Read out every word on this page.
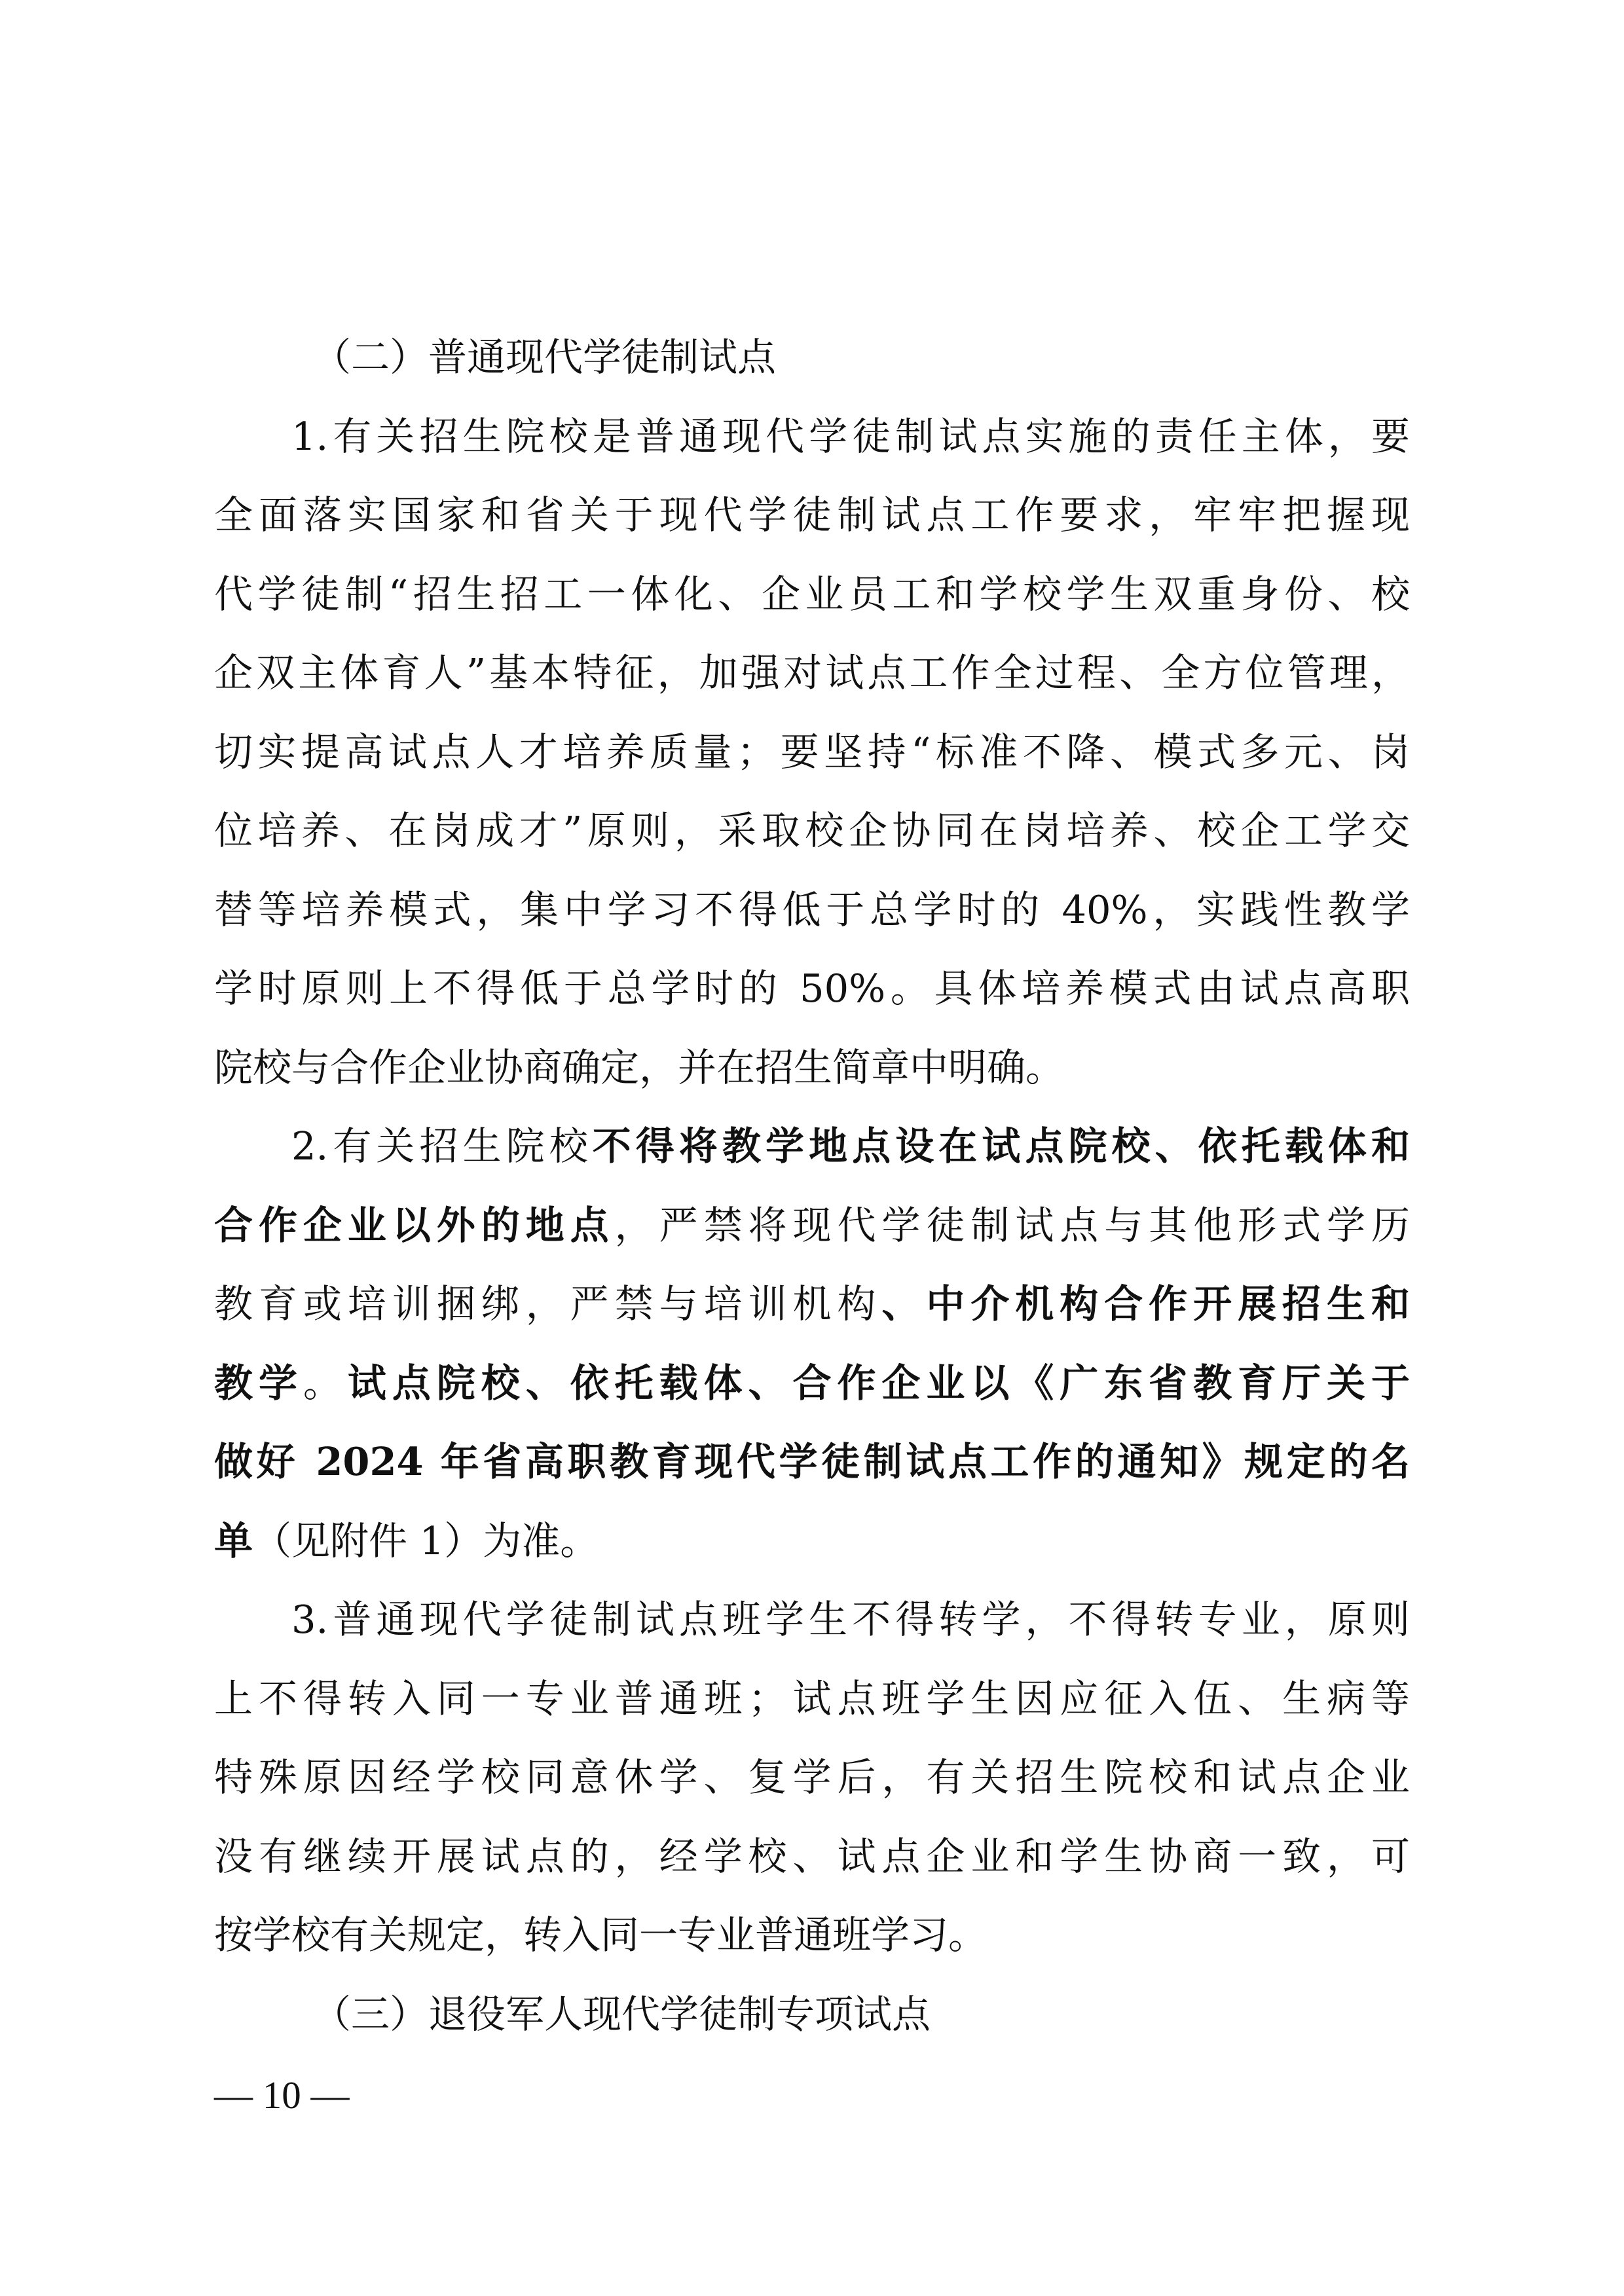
（二）普通现代学徒制试点
1.有关招生院校是普通现代学徒制试点实施的责任主体，要
全面落实国家和省关于现代学徒制试点工作要求，牢牢把握现
代学徒制“招生招工一体化、企业员工和学校学生双重身份、校
企双主体育人”基本特征，加强对试点工作全过程、全方位管理，
切实提高试点人才培养质量；要坚持“标准不降、模式多元、岗
位培养、在岗成才”原则，采取校企协同在岗培养、校企工学交
替等培养模式，集中学习不得低于总学时的 40%，实践性教学
学时原则上不得低于总学时的 50%。具体培养模式由试点高职
院校与合作企业协商确定，并在招生简章中明确。
2.有关招生院校不得将教学地点设在试点院校、依托载体和
合作企业以外的地点，严禁将现代学徒制试点与其他形式学历
教育或培训捆绑，严禁与培训机构、中介机构合作开展招生和
教学。试点院校、依托载体、合作企业以《广东省教育厅关于
做好 2024 年省高职教育现代学徒制试点工作的通知》规定的名
单（见附件 1）为准。
3.普通现代学徒制试点班学生不得转学，不得转专业，原则
上不得转入同一专业普通班；试点班学生因应征入伍、生病等
特殊原因经学校同意休学、复学后，有关招生院校和试点企业
没有继续开展试点的，经学校、试点企业和学生协商一致，可
按学校有关规定，转入同一专业普通班学习。
（三）退役军人现代学徒制专项试点
— 10 —
